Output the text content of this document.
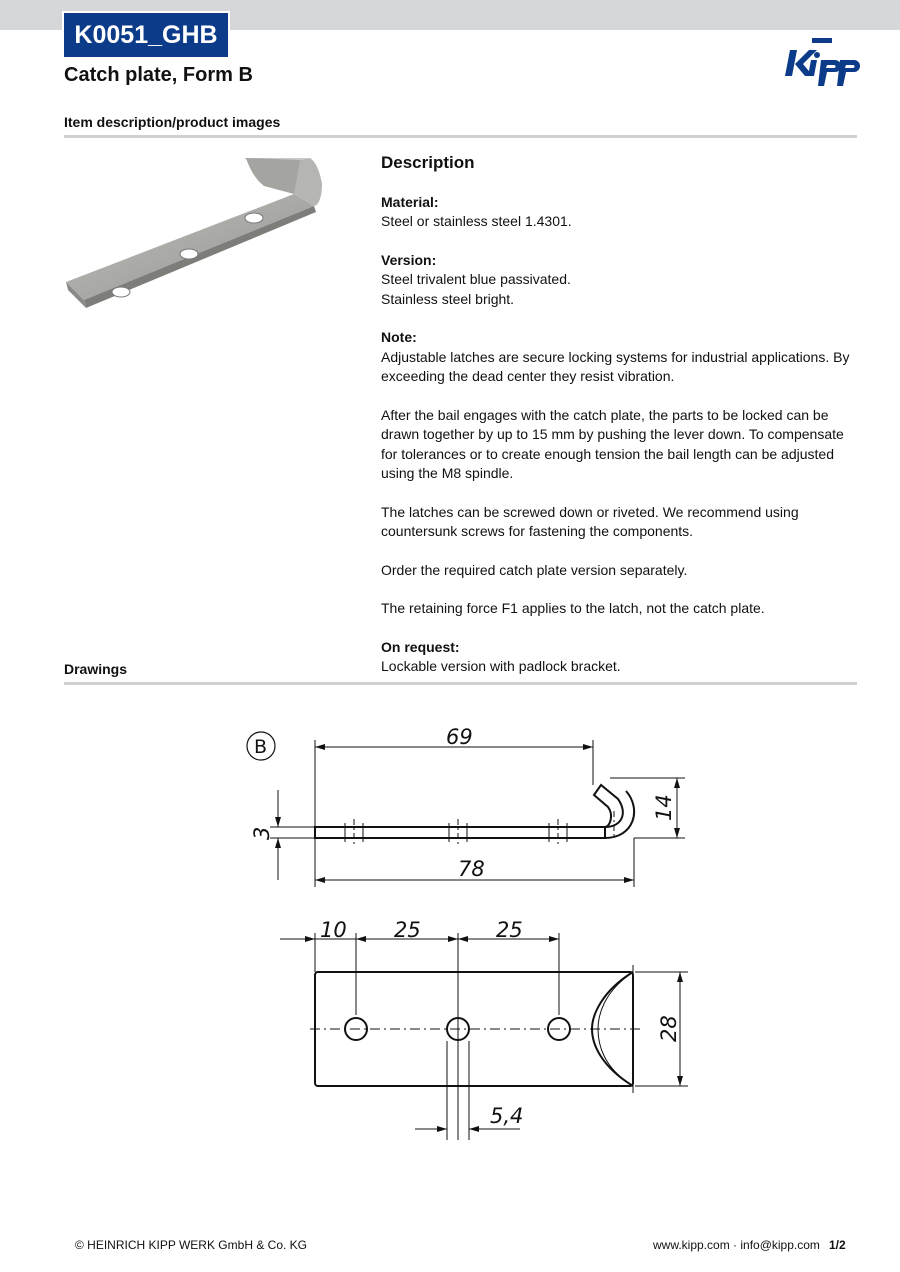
K0051_GHB
Catch plate, Form B
Item description/product images
Description
Material:

Steel or stainless steel 1.4301.

Version:
Steel trivalent blue passivated.

Stainless steel bright.

Note:

Adjustable latches are secure locking systems for industrial applications. By exceeding the dead center they resist vibration.

After the bail engages with the catch plate, the parts to be locked can be drawn together by up to 15 mm by pushing the lever down. To compensate for tolerances or to create enough tension the bail length can be adjusted using the M8 spindle.

The latches can be screwed down or riveted. We recommend using countersunk screws for fastening the components.

Order the required catch plate version separately.

The retaining force F1 applies to the latch, not the catch plate.

On request:
Lockable version with padlock bracket.
Drawings
B	69
78
14
3
10 25	25
28
5,4
© HEINRICH KIPP WERK GmbH & Co. KG	www.kipp.com · info@kipp.com 1/2
